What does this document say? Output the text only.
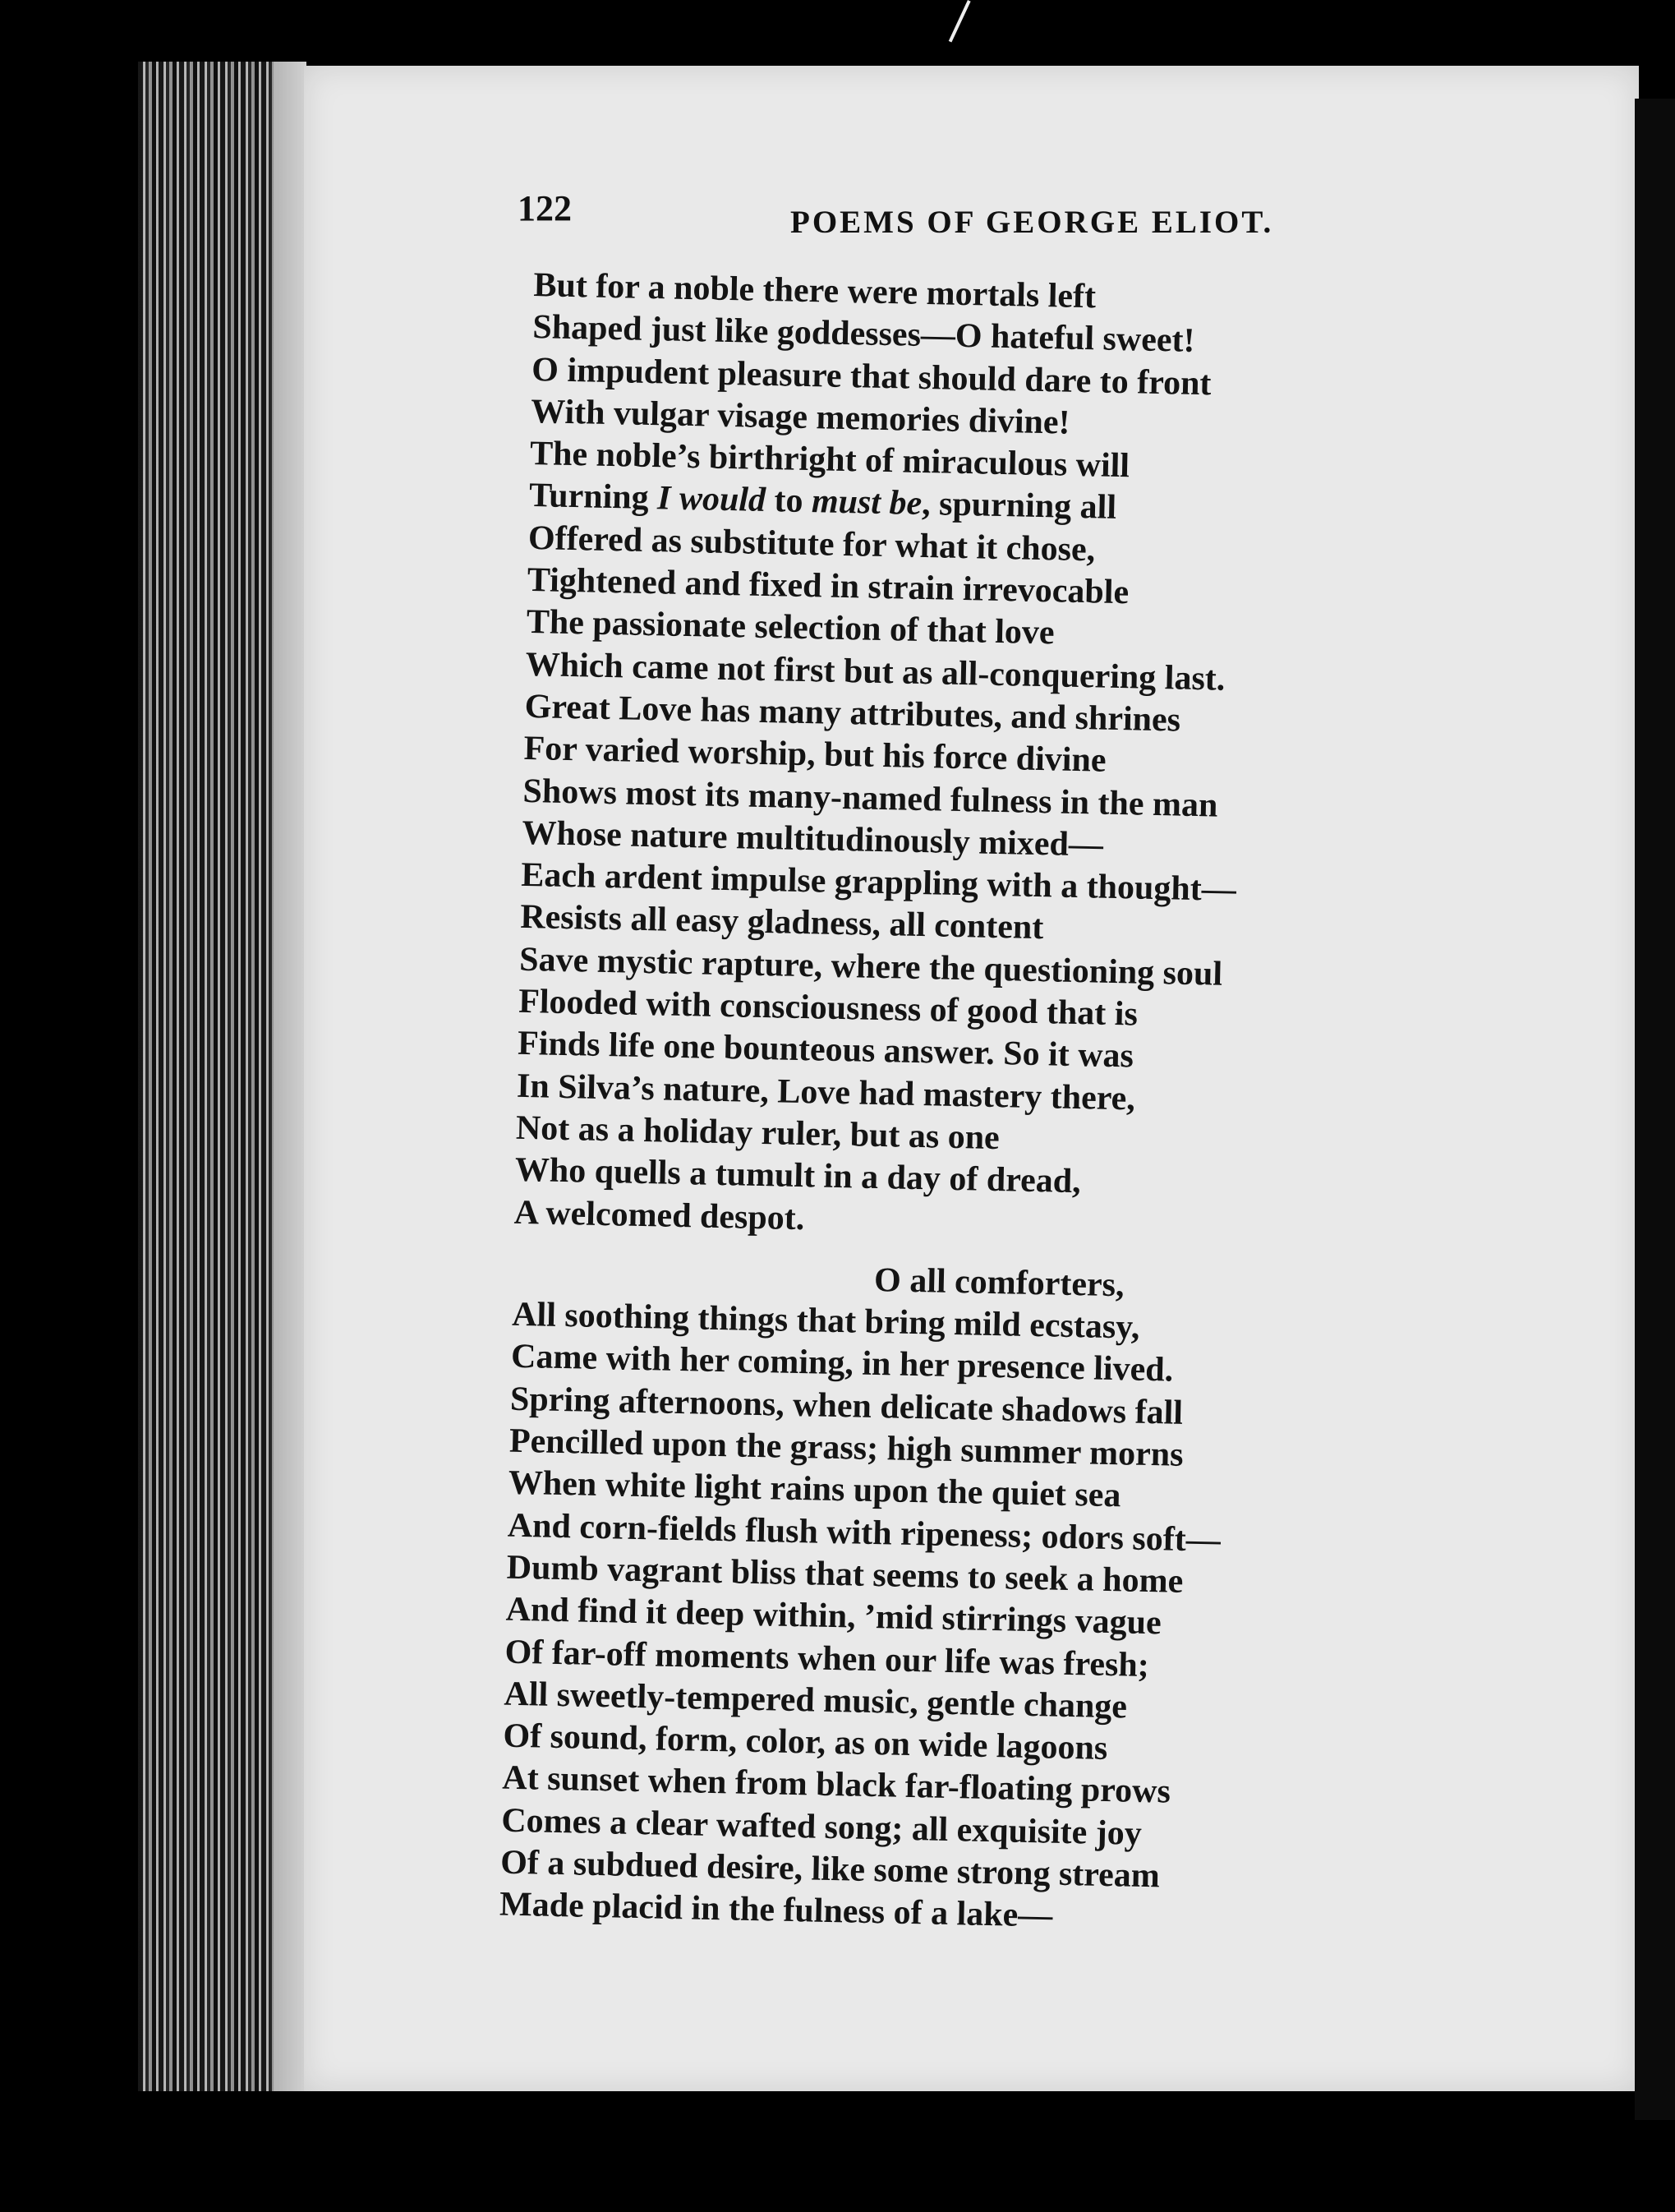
122	POEMS OF GEORGE ELIOT.
But for a noble there were mortals left
Shaped just like goddesses—O hateful sweet!
O impudent pleasure that should dare to front
With vulgar visage memories divine!
The noble’s birthright of miraculous will
Turning I would to must be, spurning all
Offered as substitute for what it chose,
Tightened and fixed in strain irrevocable
The passionate selection of that love
Which came not first but as all-conquering last.
Great Love has many attributes, and shrines
For varied worship, but his force divine
Shows most its many-named fulness in the man
Whose nature multitudinously mixed—
Each ardent impulse grappling with a thought—
Resists all easy gladness, all content
Save mystic rapture, where the questioning soul
Flooded with consciousness of good that is
Finds life one bounteous answer. So it was
In Silva’s nature, Love had mastery there,
Not as a holiday ruler, but as one
Who quells a tumult in a day of dread,
A welcomed despot.
O all comforters,
All soothing things that bring mild ecstasy,
Came with her coming, in her presence lived.
Spring afternoons, when delicate shadows fall
Pencilled upon the grass; high summer morns
When white light rains upon the quiet sea
And corn-fields flush with ripeness; odors soft—
Dumb vagrant bliss that seems to seek a home
And find it deep within, ’mid stirrings vague
Of far-off moments when our life was fresh;
All sweetly-tempered music, gentle change
Of sound, form, color, as on wide lagoons
At sunset when from black far-floating prows
Comes a clear wafted song; all exquisite joy
Of a subdued desire, like some strong stream
Made placid in the fulness of a lake—
